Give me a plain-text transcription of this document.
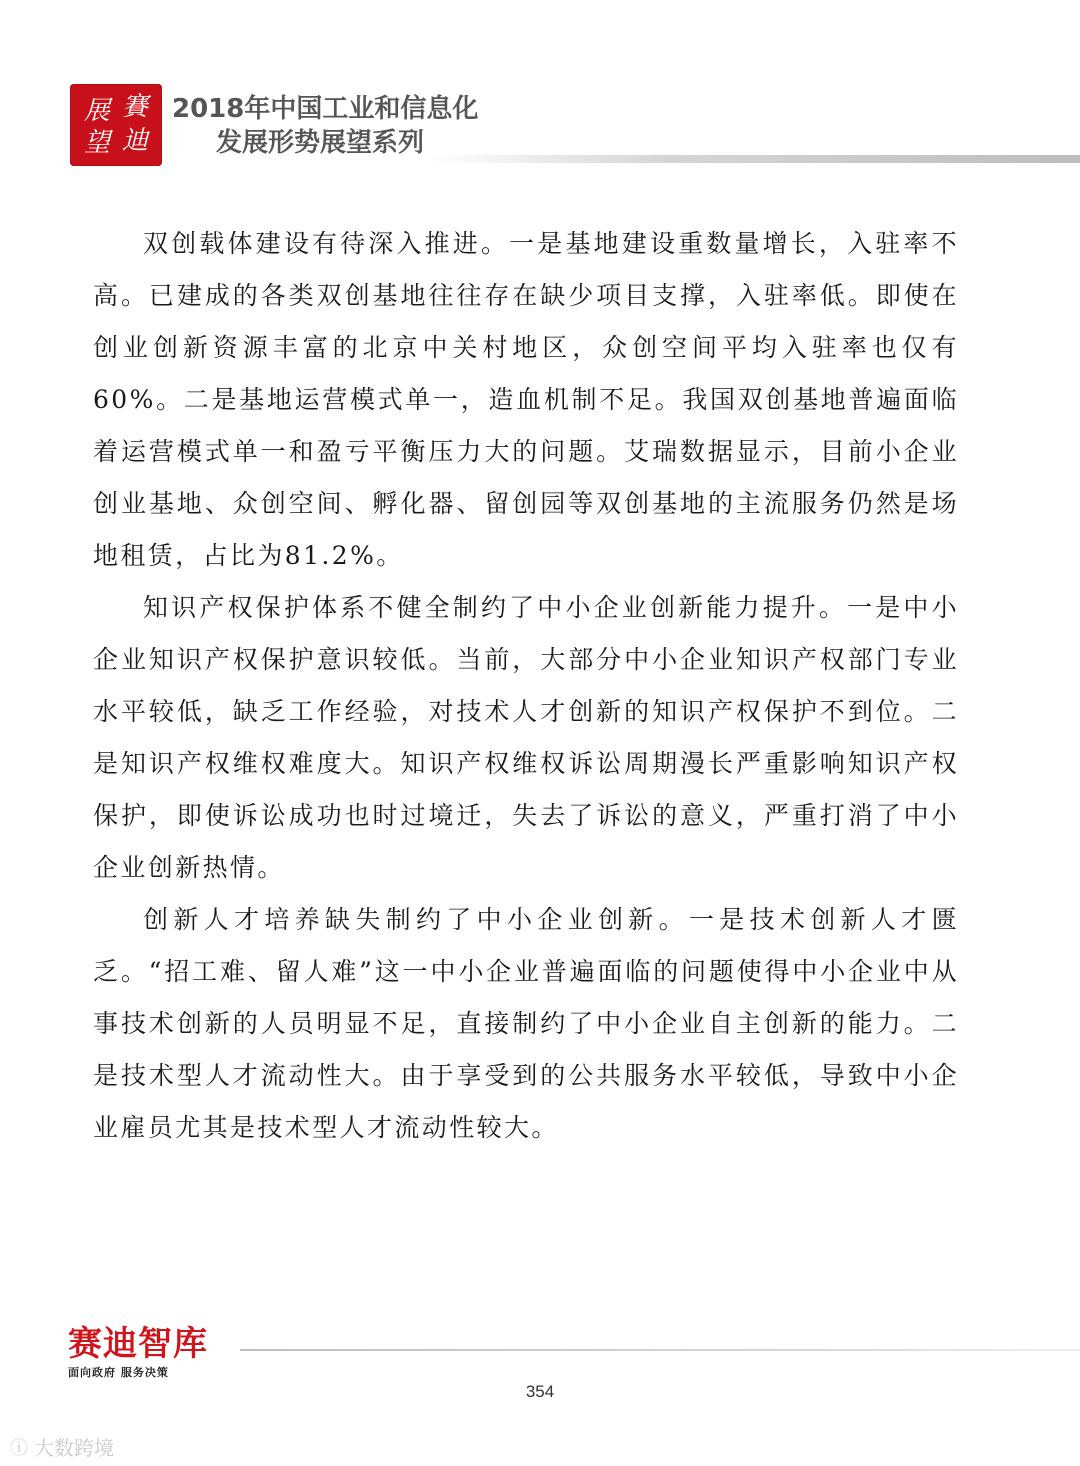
賽
迪
展
望
2018年中国工业和信息化
发展形势展望系列

双创载体建设有待深入推进。一是基地建设重数量增长，入驻率不高。已建成的各类双创基地往往存在缺少项目支撑，入驻率低。即使在创业创新资源丰富的北京中关村地区，众创空间平均入驻率也仅有60%。二是基地运营模式单一，造血机制不足。我国双创基地普遍面临着运营模式单一和盈亏平衡压力大的问题。艾瑞数据显示，目前小企业创业基地、众创空间、孵化器、留创园等双创基地的主流服务仍然是场地租赁，占比为81.2%。

知识产权保护体系不健全制约了中小企业创新能力提升。一是中小企业知识产权保护意识较低。当前，大部分中小企业知识产权部门专业水平较低，缺乏工作经验，对技术人才创新的知识产权保护不到位。二是知识产权维权难度大。知识产权维权诉讼周期漫长严重影响知识产权保护，即使诉讼成功也时过境迁，失去了诉讼的意义，严重打消了中小企业创新热情。

创新人才培养缺失制约了中小企业创新。一是技术创新人才匮乏。“招工难、留人难”这一中小企业普遍面临的问题使得中小企业中从事技术创新的人员明显不足，直接制约了中小企业自主创新的能力。二是技术型人才流动性大。由于享受到的公共服务水平较低，导致中小企业雇员尤其是技术型人才流动性较大。

赛迪智库
面向政府 服务决策
354
ⓘ 大数跨境
